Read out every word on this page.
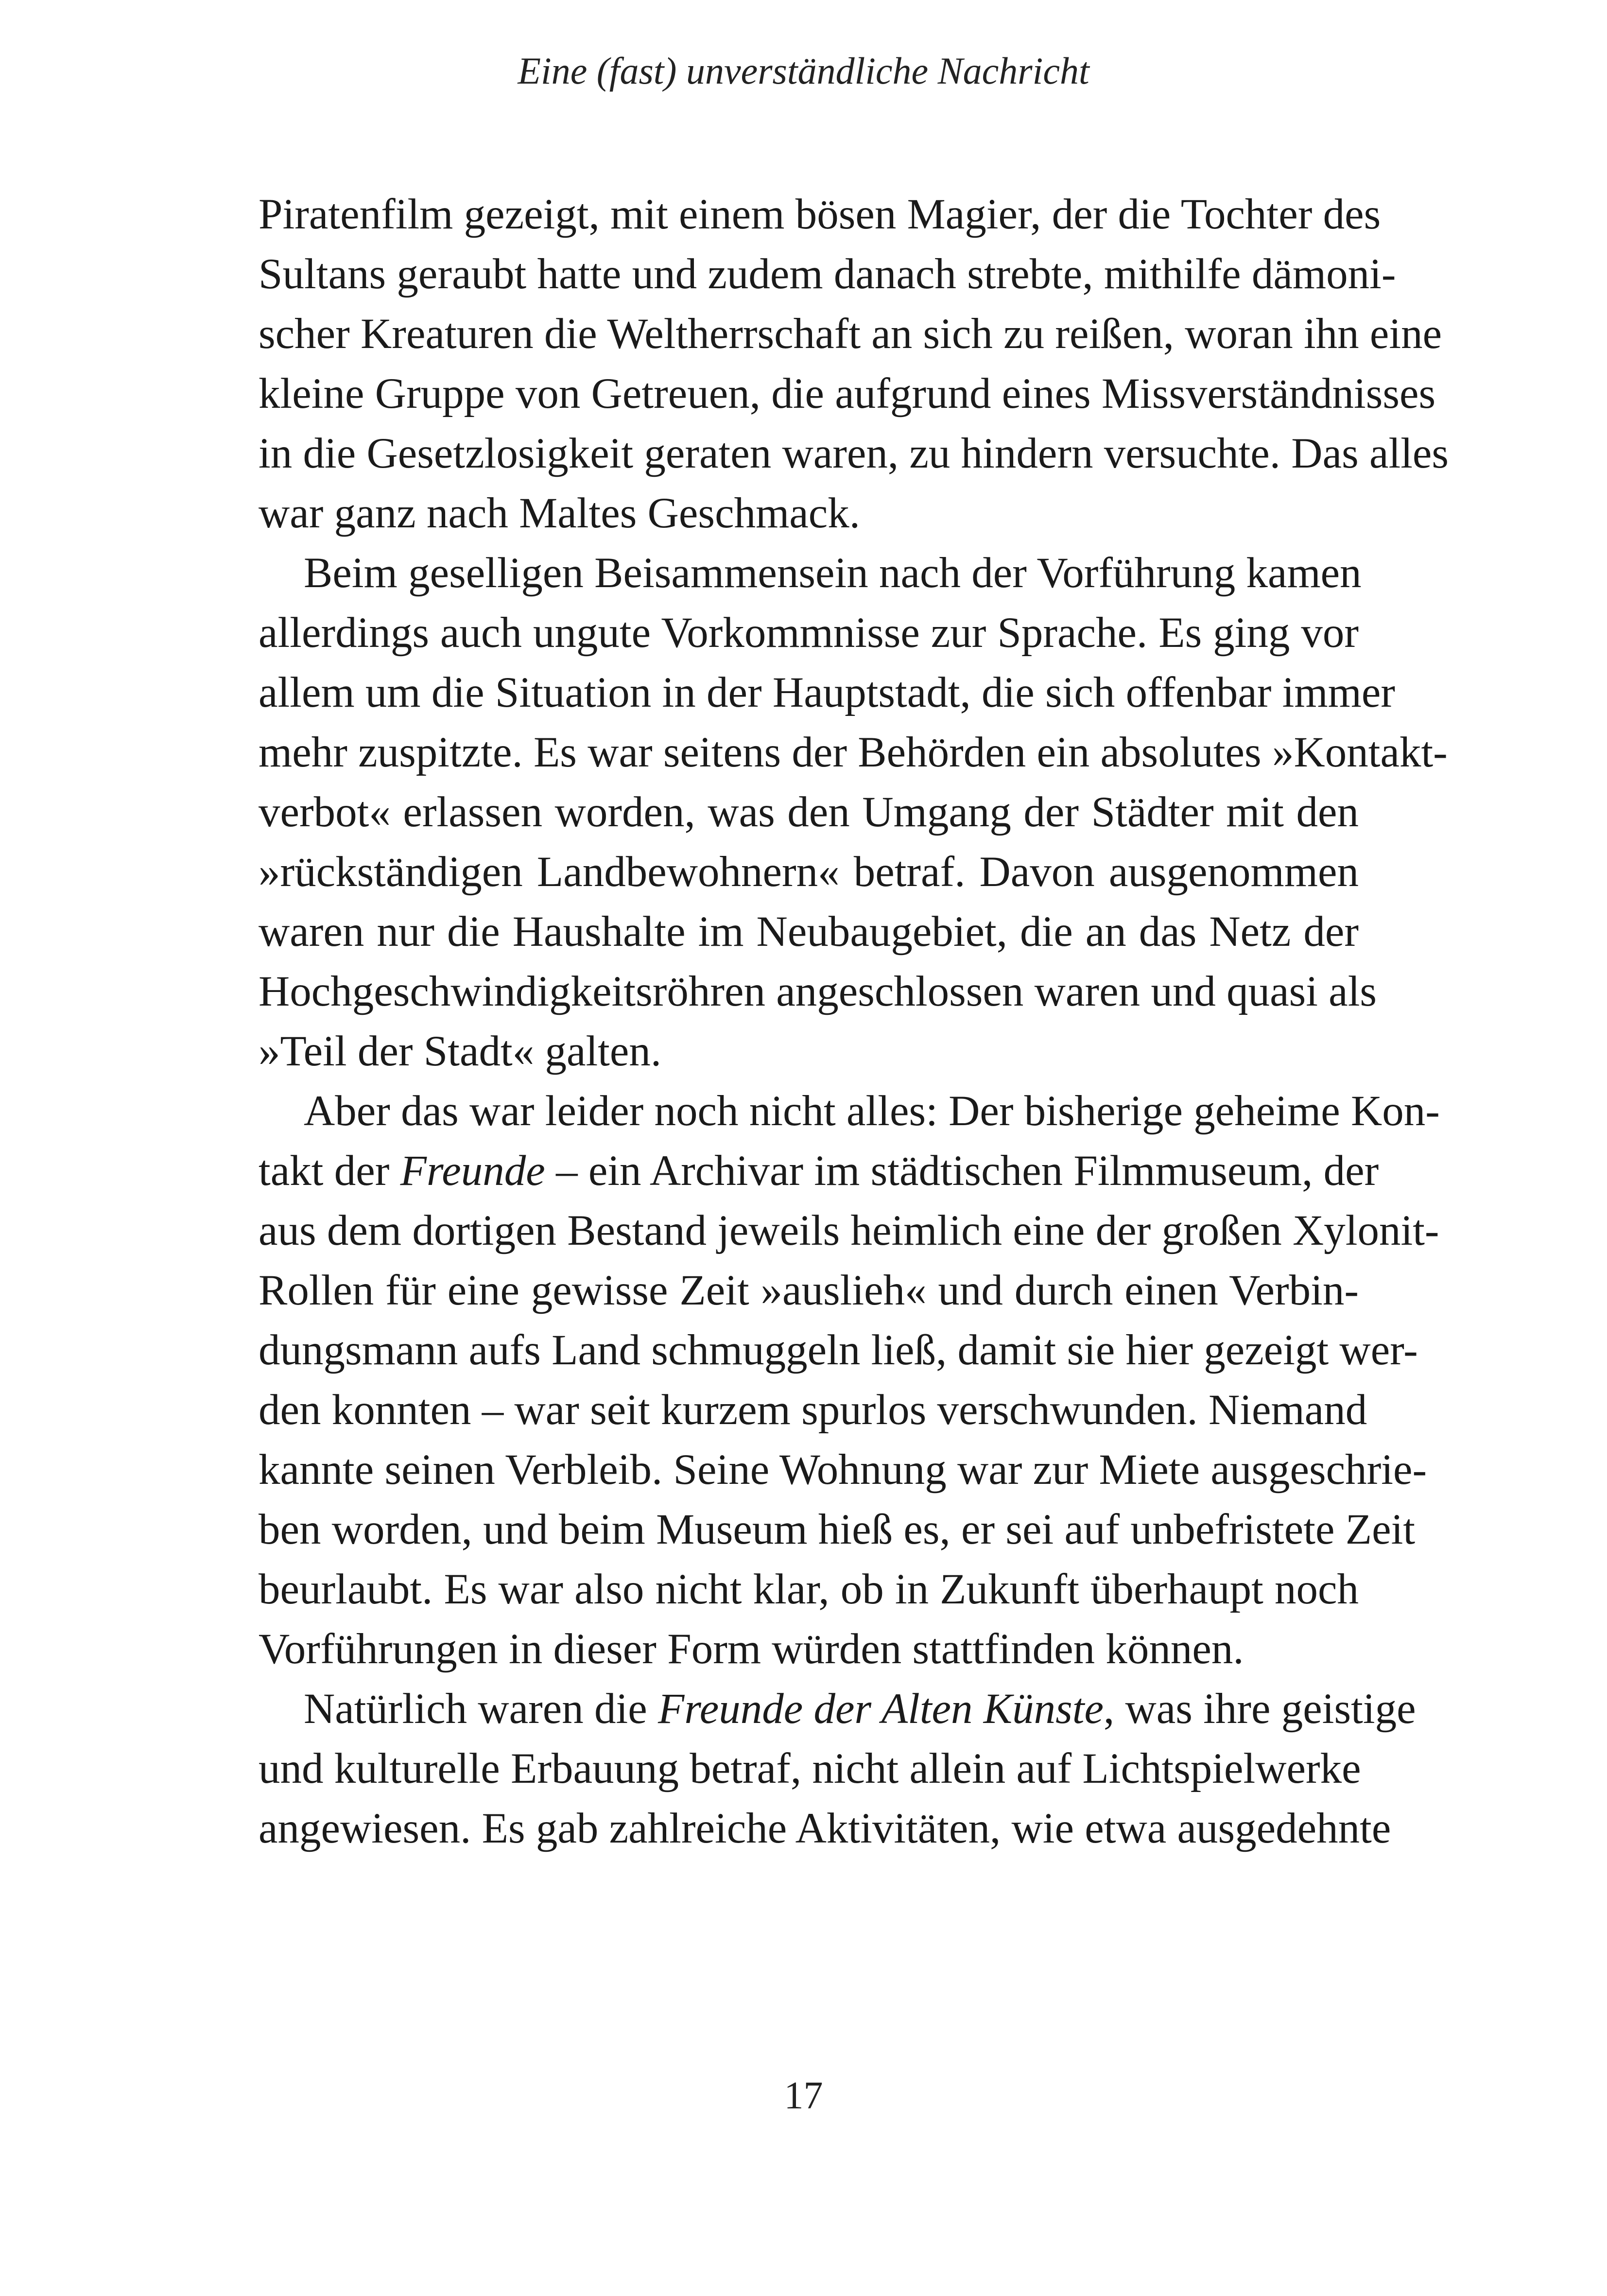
Eine (fast) unverständliche Nachricht
Piratenfilm gezeigt, mit einem bösen Magier, der die Tochter des
Sultans geraubt hatte und zudem danach strebte, mithilfe dämoni-
scher Kreaturen die Weltherrschaft an sich zu reißen, woran ihn eine
kleine Gruppe von Getreuen, die aufgrund eines Missverständnisses
in die Gesetzlosigkeit geraten waren, zu hindern versuchte. Das alles
war ganz nach Maltes Geschmack.
Beim geselligen Beisammensein nach der Vorführung kamen
allerdings auch ungute Vorkommnisse zur Sprache. Es ging vor
allem um die Situation in der Hauptstadt, die sich offenbar immer
mehr zuspitzte. Es war seitens der Behörden ein absolutes »Kontakt-
verbot« erlassen worden, was den Umgang der Städter mit den
»rückständigen Landbewohnern« betraf. Davon ausgenommen
waren nur die Haushalte im Neubaugebiet, die an das Netz der
Hochgeschwindigkeitsröhren angeschlossen waren und quasi als
»Teil der Stadt« galten.
Aber das war leider noch nicht alles: Der bisherige geheime Kon-
takt der Freunde – ein Archivar im städtischen Filmmuseum, der
aus dem dortigen Bestand jeweils heimlich eine der großen Xylonit-
Rollen für eine gewisse Zeit »auslieh« und durch einen Verbin-
dungsmann aufs Land schmuggeln ließ, damit sie hier gezeigt wer-
den konnten – war seit kurzem spurlos verschwunden. Niemand
kannte seinen Verbleib. Seine Wohnung war zur Miete ausgeschrie-
ben worden, und beim Museum hieß es, er sei auf unbefristete Zeit
beurlaubt. Es war also nicht klar, ob in Zukunft überhaupt noch
Vorführungen in dieser Form würden stattfinden können.
Natürlich waren die Freunde der Alten Künste, was ihre geistige
und kulturelle Erbauung betraf, nicht allein auf Lichtspielwerke
angewiesen. Es gab zahlreiche Aktivitäten, wie etwa ausgedehnte
17
